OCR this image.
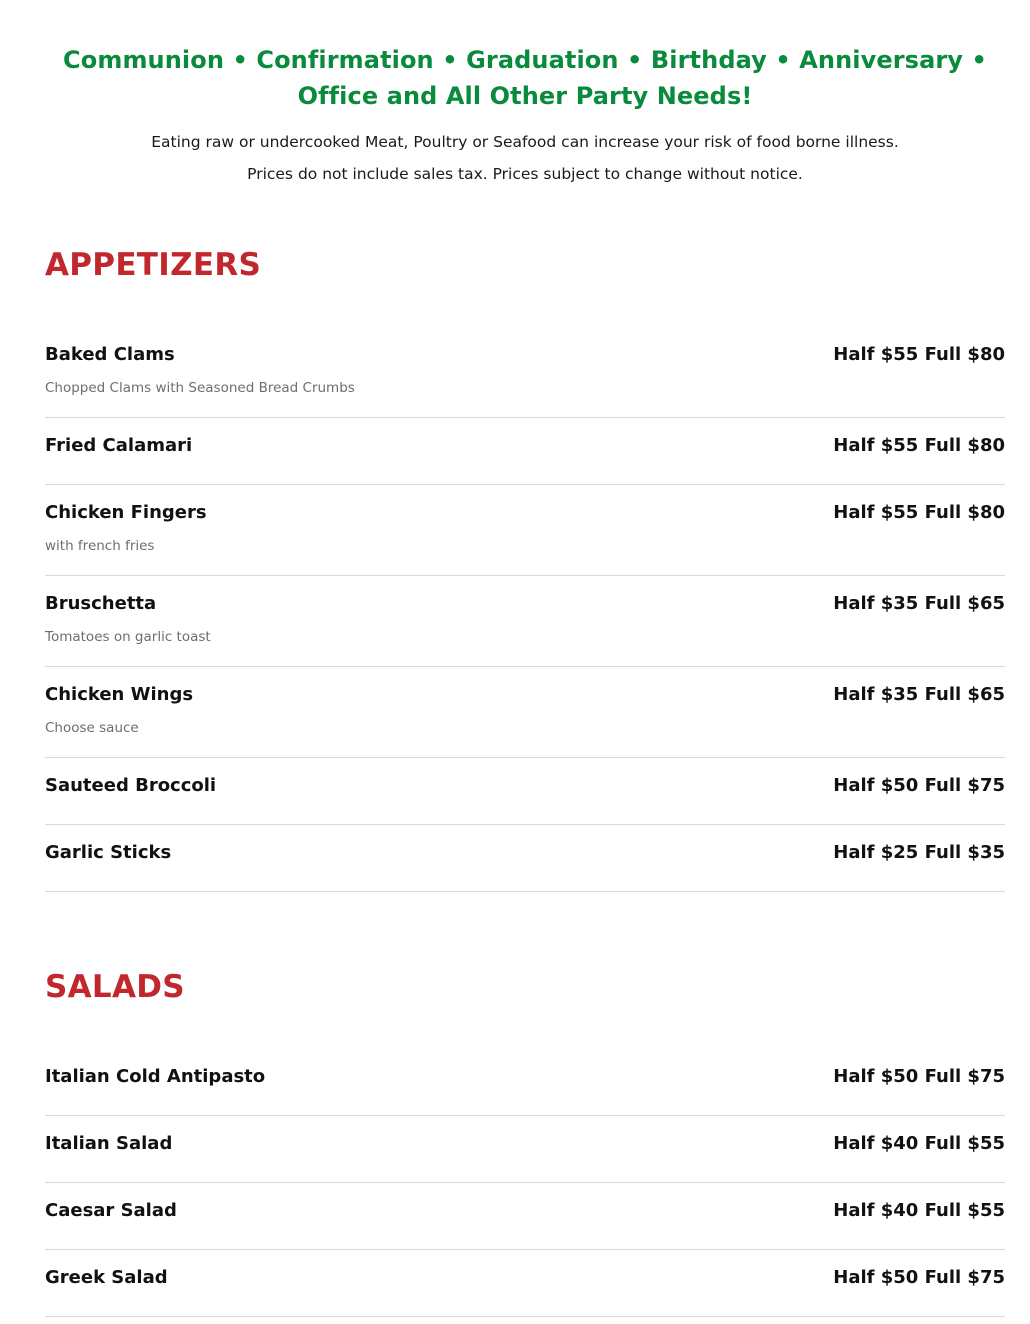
Communion • Confirmation • Graduation • Birthday • Anniversary • Office and All Other Party Needs!
Eating raw or undercooked Meat, Poultry or Seafood can increase your risk of food borne illness.
Prices do not include sales tax. Prices subject to change without notice.
APPETIZERS
Baked Clams	Half $55 Full $80
Chopped Clams with Seasoned Bread Crumbs
Fried Calamari	Half $55 Full $80
Chicken Fingers	Half $55 Full $80
with french fries
Bruschetta	Half $35 Full $65
Tomatoes on garlic toast
Chicken Wings	Half $35 Full $65
Choose sauce
Sauteed Broccoli	Half $50 Full $75
Garlic Sticks	Half $25 Full $35
SALADS
Italian Cold Antipasto	Half $50 Full $75
Italian Salad	Half $40 Full $55
Caesar Salad	Half $40 Full $55
Greek Salad	Half $50 Full $75
